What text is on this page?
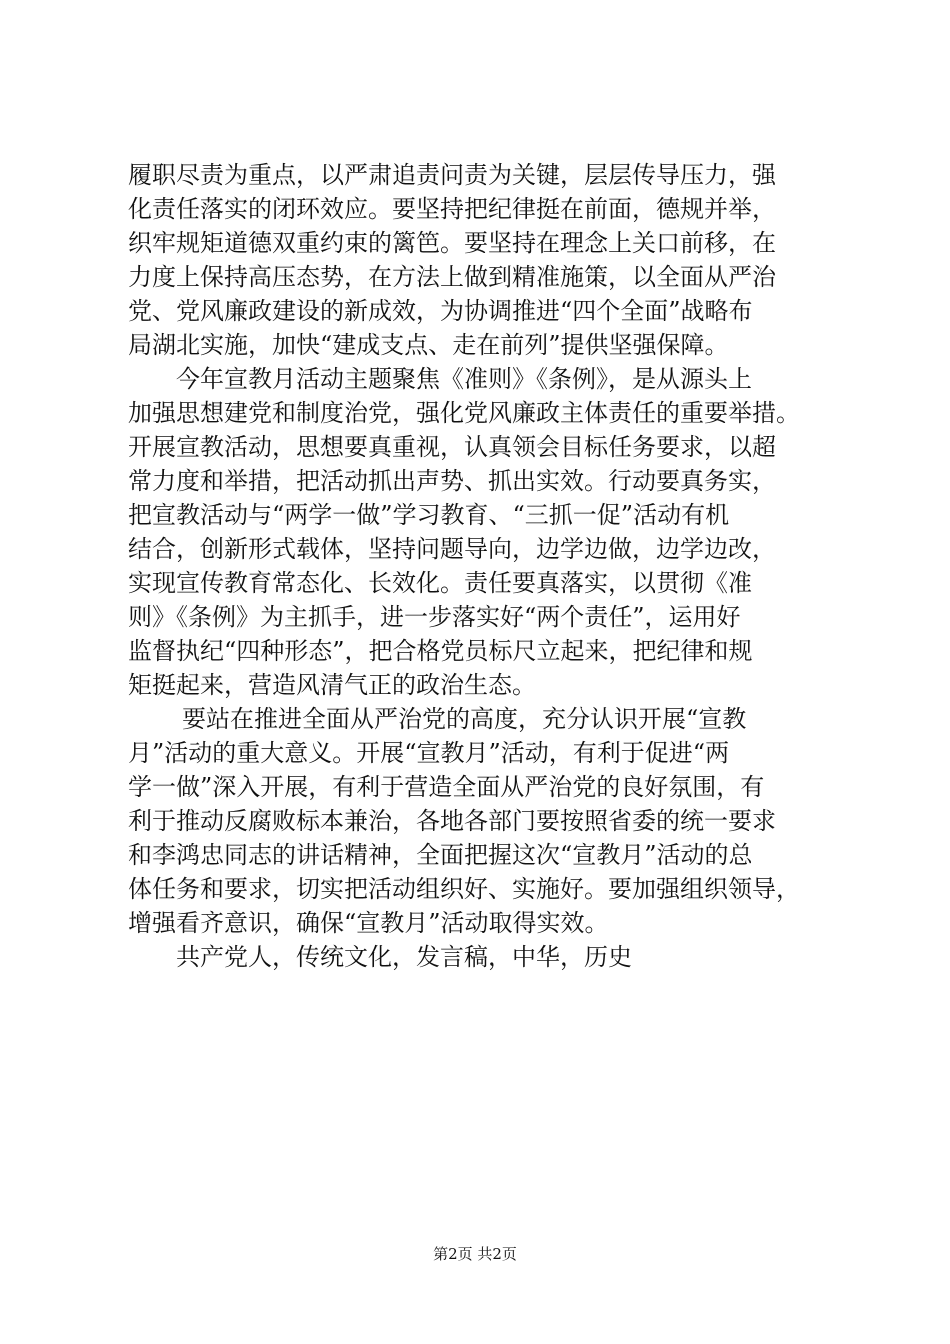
履职尽责为重点，以严肃追责问责为关键，层层传导压力，强
化责任落实的闭环效应。要坚持把纪律挺在前面，德规并举，
织牢规矩道德双重约束的篱笆。要坚持在理念上关口前移，在
力度上保持高压态势，在方法上做到精准施策，以全面从严治
党、党风廉政建设的新成效，为协调推进“四个全面”战略布
局湖北实施，加快“建成支点、走在前列”提供坚强保障。
今年宣教月活动主题聚焦《准则》《条例》，是从源头上
加强思想建党和制度治党，强化党风廉政主体责任的重要举措。
开展宣教活动，思想要真重视，认真领会目标任务要求，以超
常力度和举措，把活动抓出声势、抓出实效。行动要真务实，
把宣教活动与“两学一做”学习教育、“三抓一促”活动有机
结合，创新形式载体，坚持问题导向，边学边做，边学边改，
实现宣传教育常态化、长效化。责任要真落实，以贯彻《准
则》《条例》为主抓手，进一步落实好“两个责任”，运用好
监督执纪“四种形态”，把合格党员标尺立起来，把纪律和规
矩挺起来，营造风清气正的政治生态。
要站在推进全面从严治党的高度，充分认识开展“宣教
月”活动的重大意义。开展“宣教月”活动，有利于促进“两
学一做”深入开展，有利于营造全面从严治党的良好氛围，有
利于推动反腐败标本兼治，各地各部门要按照省委的统一要求
和李鸿忠同志的讲话精神，全面把握这次“宣教月”活动的总
体任务和要求，切实把活动组织好、实施好。要加强组织领导，
增强看齐意识，确保“宣教月”活动取得实效。
共产党人，传统文化，发言稿，中华，历史
第2页 共2页
